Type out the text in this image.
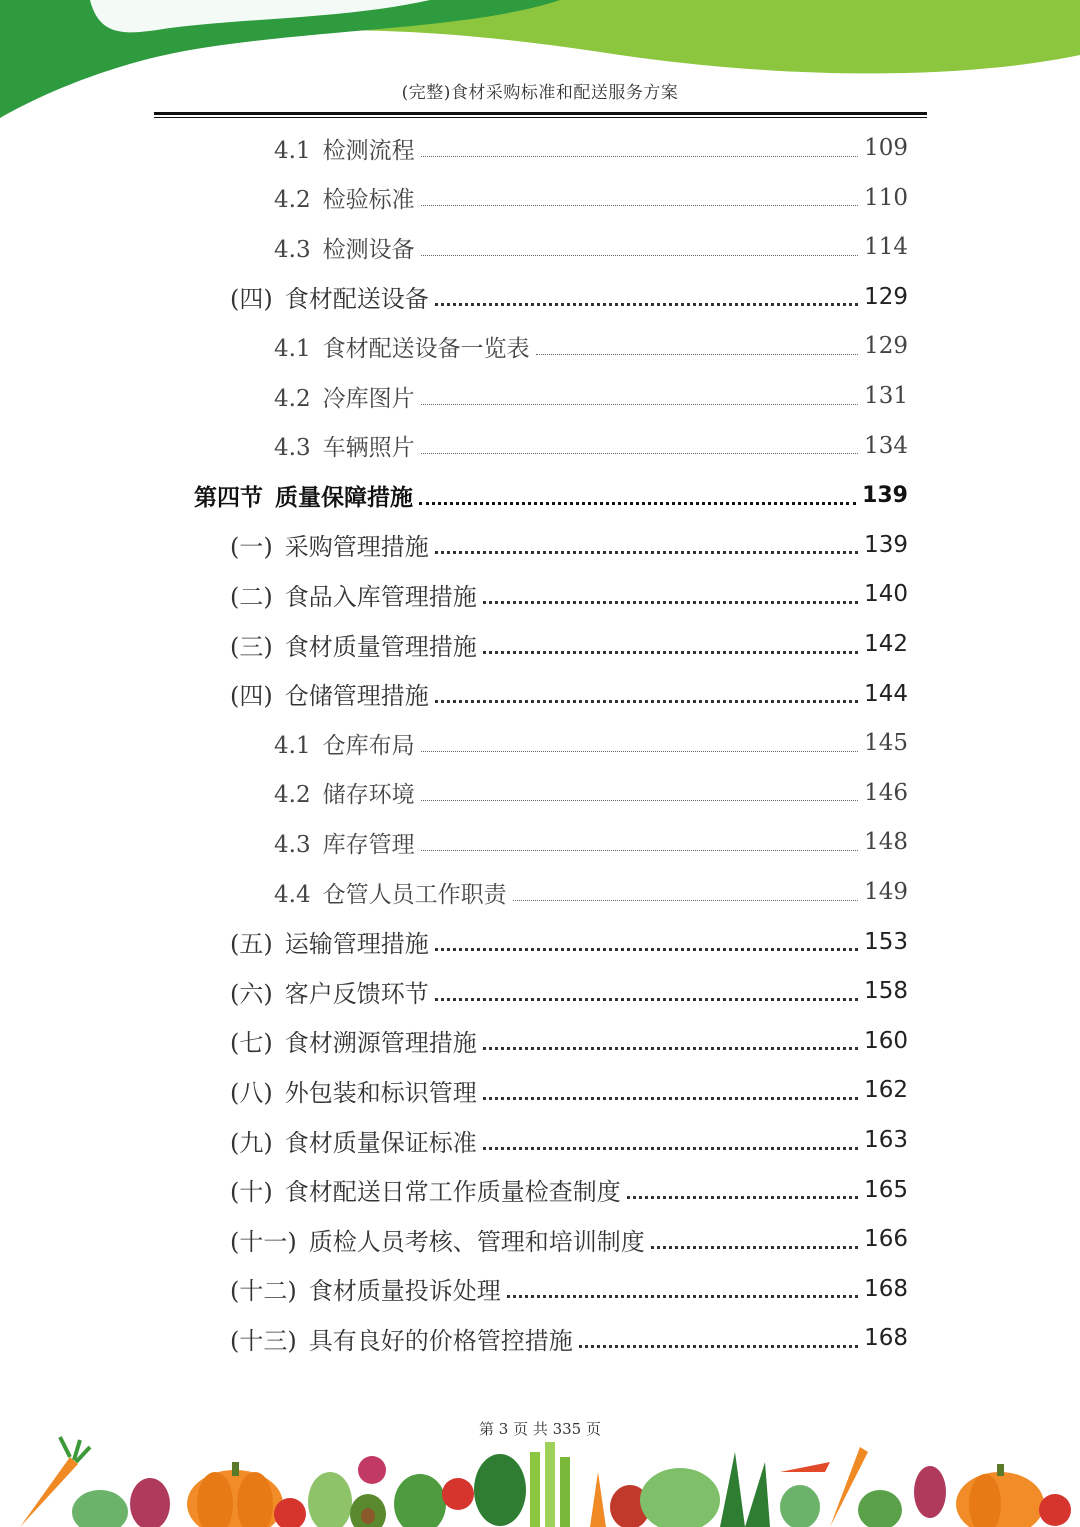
(完整)食材采购标准和配送服务方案
4.1 检测流程	109
4.2 检验标准	110
4.3 检测设备	114
(四) 食材配送设备	129
4.1 食材配送设备一览表	129
4.2 冷库图片	131
4.3 车辆照片	134
第四节 质量保障措施	139
(一) 采购管理措施	139
(二) 食品入库管理措施	140
(三) 食材质量管理措施	142
(四) 仓储管理措施	144
4.1 仓库布局	145
4.2 储存环境	146
4.3 库存管理	148
4.4 仓管人员工作职责	149
(五) 运输管理措施	153
(六) 客户反馈环节	158
(七) 食材溯源管理措施	160
(八) 外包装和标识管理	162
(九) 食材质量保证标准	163
(十) 食材配送日常工作质量检查制度	165
(十一) 质检人员考核、管理和培训制度	166
(十二) 食材质量投诉处理	168
(十三) 具有良好的价格管控措施	168
第 3 页 共 335 页
